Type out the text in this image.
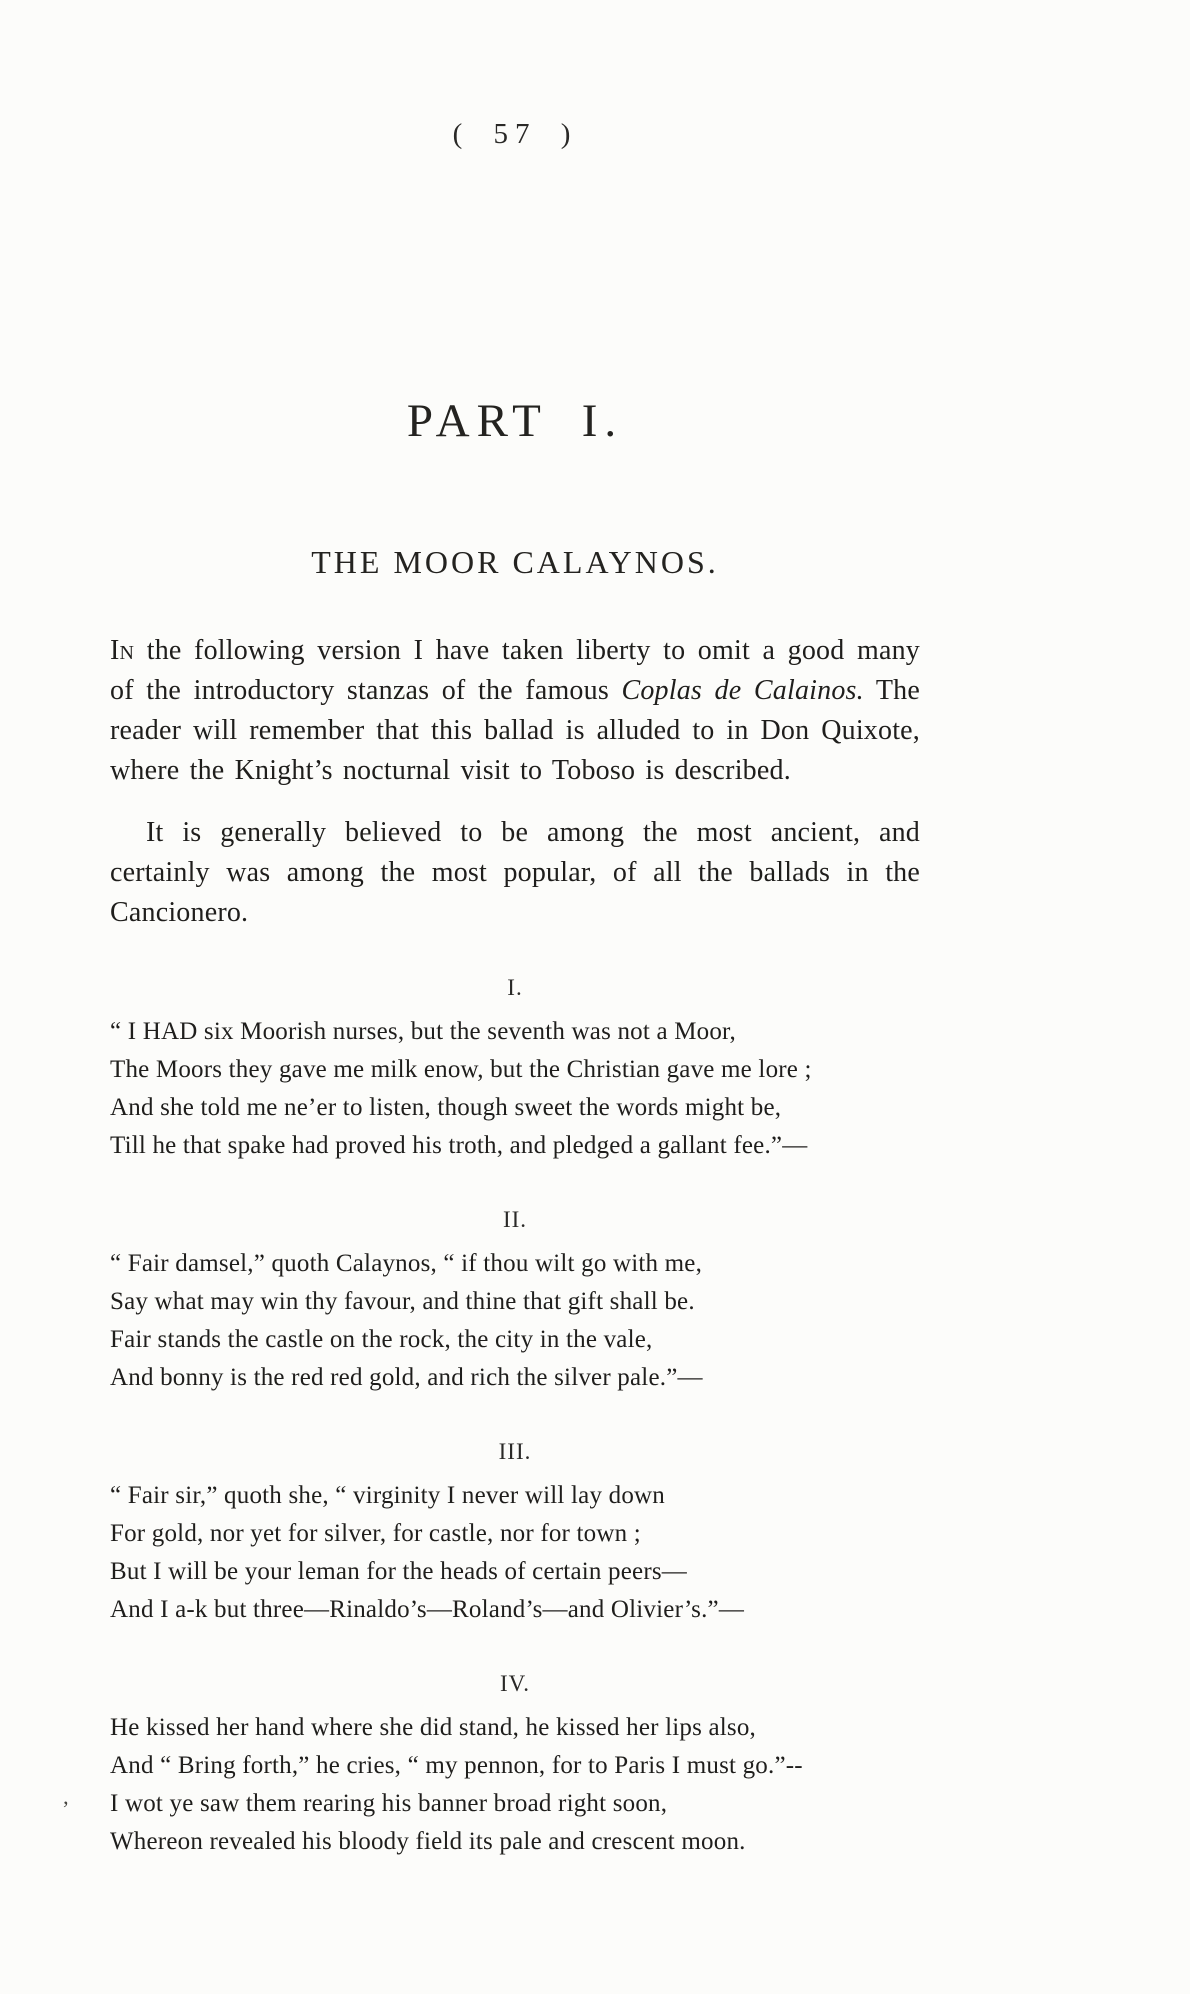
’
( 57 )
PART I.
THE MOOR CALAYNOS.

In the following version I have taken liberty to omit a good many of the introductory stanzas of the famous Coplas de Calainos. The reader will remember that this ballad is alluded to in Don Quixote, where the Knight’s nocturnal visit to Toboso is described.

It is generally believed to be among the most ancient, and certainly was among the most popular, of all the ballads in the Cancionero.

I.
“ I HAD six Moorish nurses, but the seventh was not a Moor,
The Moors they gave me milk enow, but the Christian gave me lore ;
And she told me ne’er to listen, though sweet the words might be,
Till he that spake had proved his troth, and pledged a gallant fee.”—
II.
“ Fair damsel,” quoth Calaynos, “ if thou wilt go with me,
Say what may win thy favour, and thine that gift shall be.
Fair stands the castle on the rock, the city in the vale,
And bonny is the red red gold, and rich the silver pale.”—
III.
“ Fair sir,” quoth she, “ virginity I never will lay down
For gold, nor yet for silver, for castle, nor for town ;
But I will be your leman for the heads of certain peers—
And I a-k but three—Rinaldo’s—Roland’s—and Olivier’s.”—
IV.
He kissed her hand where she did stand, he kissed her lips also,
And “ Bring forth,” he cries, “ my pennon, for to Paris I must go.”--
I wot ye saw them rearing his banner broad right soon,
Whereon revealed his bloody field its pale and crescent moon.
